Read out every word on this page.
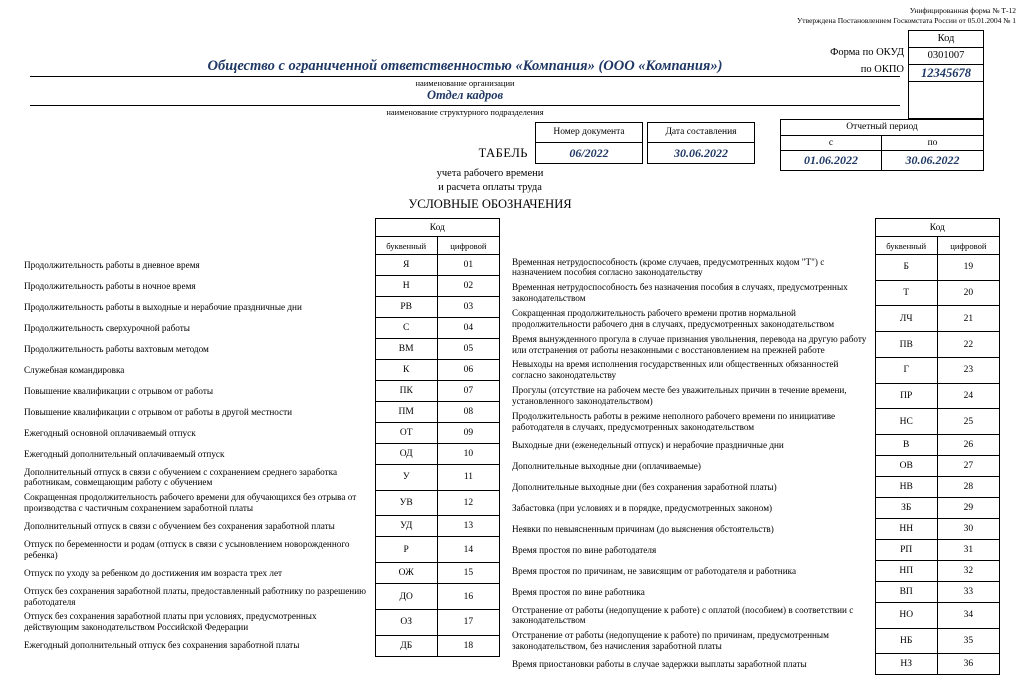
Унифицированная форма № Т-12
Утверждена Постановлением Госкомстата России от 05.01.2004 № 1
Форма по ОКУД
по ОКПО
Код
0301007
12345678
Общество с ограниченной ответственностью «Компания» (ООО «Компания»)
наименование организации
Отдел кадров
наименование структурного подразделения
Номер документа
06/2022
Дата составления
30.06.2022
Отчетный период
с
01.06.2022
по
30.06.2022
ТАБЕЛЬ
учета рабочего времени
и расчета оплаты труда
УСЛОВНЫЕ ОБОЗНАЧЕНИЯ
	Код	
	буквенный	цифровой
Продолжительность работы в дневное время	Я	01
Продолжительность работы в ночное время	Н	02
Продолжительность работы в выходные и нерабочие праздничные дни	РВ	03
Продолжительность сверхурочной работы	С	04
Продолжительность работы вахтовым методом	ВМ	05
Служебная командировка	К	06
Повышение квалификации с отрывом от работы	ПК	07
Повышение квалификации с отрывом от работы в другой местности	ПМ	08
Ежегодный основной оплачиваемый отпуск	ОТ	09
Ежегодный дополнительный оплачиваемый отпуск	ОД	10
Дополнительный отпуск в связи с обучением с сохранением среднего заработка работникам, совмещающим работу с обучением	У	11
Сокращенная продолжительность рабочего времени для обучающихся без отрыва от производства с частичным сохранением заработной платы	УВ	12
Дополнительный отпуск в связи с обучением без сохранения заработной платы	УД	13
Отпуск по беременности и родам (отпуск в связи с усыновлением новорожденного ребенка)	Р	14
Отпуск по уходу за ребенком до достижения им возраста трех лет	ОЖ	15
Отпуск без сохранения заработной платы, предоставленный работнику по разрешению работодателя	ДО	16
Отпуск без сохранения заработной платы при условиях, предусмотренных действующим законодательством Российской Федерации	ОЗ	17
Ежегодный дополнительный отпуск без сохранения заработной платы	ДБ	18
	Код	
	буквенный	цифровой
Временная нетрудоспособность (кроме случаев, предусмотренных кодом "Т") с назначением пособия согласно законодательству	Б	19
Временная нетрудоспособность без назначения пособия в случаях, предусмотренных законодательством	Т	20
Сокращенная продолжительность рабочего времени против нормальной продолжительности рабочего дня в случаях, предусмотренных законодательством	ЛЧ	21
Время вынужденного прогула в случае признания увольнения, перевода на другую работу или отстранения от работы незаконными с восстановлением на прежней работе	ПВ	22
Невыходы на время исполнения государственных или общественных обязанностей согласно законодательству	Г	23
Прогулы (отсутствие на рабочем месте без уважительных причин в течение времени, установленного законодательством)	ПР	24
Продолжительность работы в режиме неполного рабочего времени по инициативе работодателя в случаях, предусмотренных законодательством	НС	25
Выходные дни (еженедельный отпуск) и нерабочие праздничные дни	В	26
Дополнительные выходные дни (оплачиваемые)	ОВ	27
Дополнительные выходные дни (без сохранения заработной платы)	НВ	28
Забастовка (при условиях и в порядке, предусмотренных законом)	ЗБ	29
Неявки по невыясненным причинам (до выяснения обстоятельств)	НН	30
Время простоя по вине работодателя	РП	31
Время простоя по причинам, не зависящим от работодателя и работника	НП	32
Время простоя по вине работника	ВП	33
Отстранение от работы (недопущение к работе) с оплатой (пособием) в соответствии с законодательством	НО	34
Отстранение от работы (недопущение к работе) по причинам, предусмотренным законодательством, без начисления заработной платы	НБ	35
Время приостановки работы в случае задержки выплаты заработной платы	НЗ	36
